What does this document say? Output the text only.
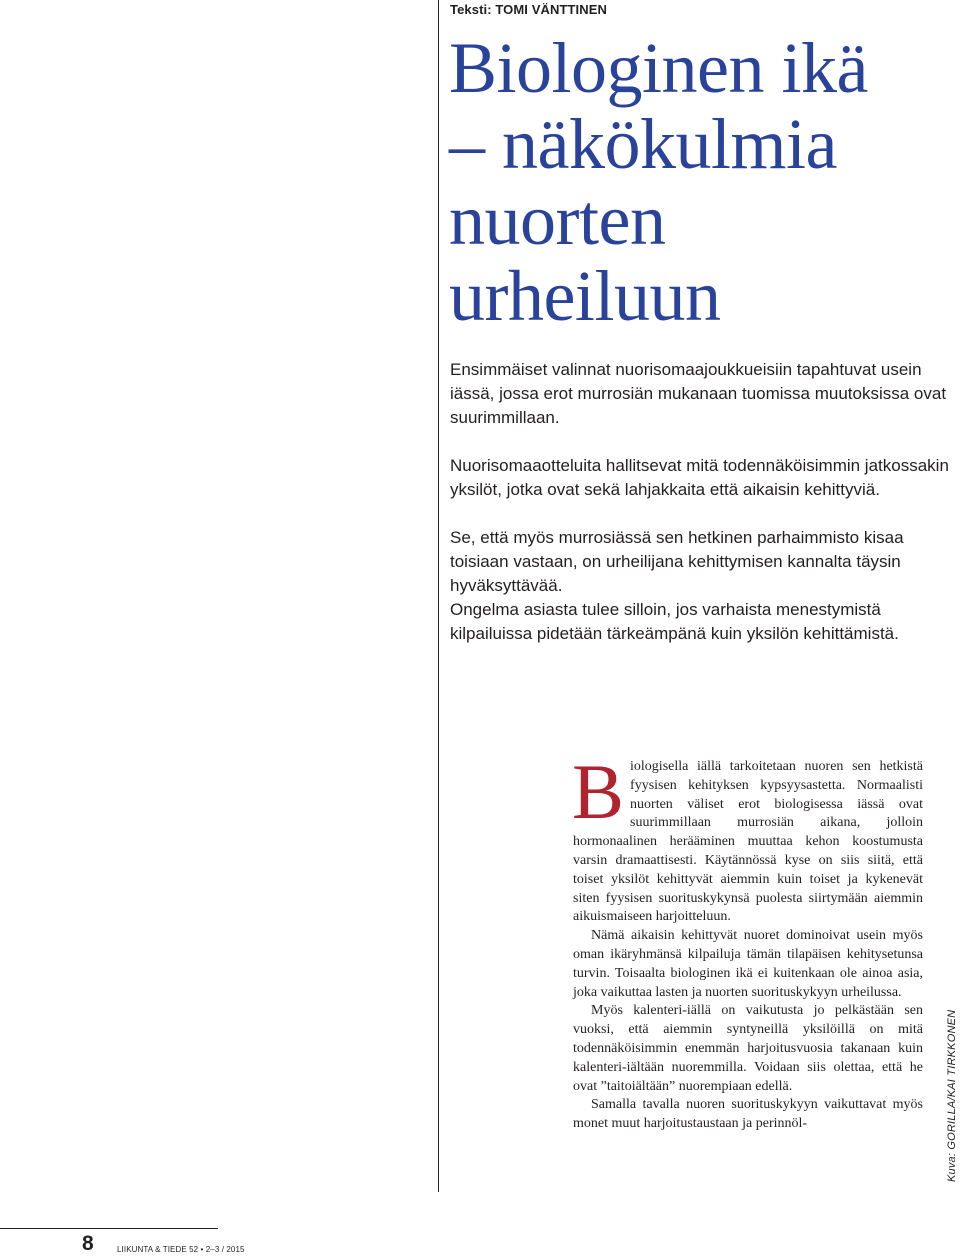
Teksti: TOMI VÄNTTINEN
Biologinen ikä
– näkökulmia
nuorten
urheiluun

Ensimmäiset valinnat nuorisomaajoukkueisiin tapahtuvat usein iässä, jossa erot murrosiän mukanaan tuomissa muutoksissa ovat suurimmillaan.

Nuorisomaaotteluita hallitsevat mitä todennäköisimmin jatkossakin yksilöt, jotka ovat sekä lahjakkaita että aikaisin kehittyviä.

Se, että myös murrosiässä sen hetkinen parhaimmisto kisaa toisiaan vastaan, on urheilijana kehittymisen kannalta täysin hyväksyttävää.

Ongelma asiasta tulee silloin, jos varhaista menestymistä kilpailuissa pidetään tärkeämpänä kuin yksilön kehittämistä.

Biologisella iällä tarkoitetaan nuoren sen hetkistä fyysisen kehityksen kypsyysastetta. Normaalisti nuorten väliset erot biologisessa iässä ovat suurimmillaan murrosiän aikana, jolloin hormonaalinen herääminen muuttaa kehon koostumusta varsin dramaattisesti. Käytännössä kyse on siis siitä, että toiset yksilöt kehittyvät aiemmin kuin toiset ja kykenevät siten fyysisen suorituskykynsä puolesta siirtymään aiemmin aikuismaiseen harjoitteluun.

Nämä aikaisin kehittyvät nuoret dominoivat usein myös oman ikäryhmänsä kilpailuja tämän tilapäisen kehitysetunsa turvin. Toisaalta biologinen ikä ei kuitenkaan ole ainoa asia, joka vaikuttaa lasten ja nuorten suorituskykyyn urheilussa.

Myös kalenteri-iällä on vaikutusta jo pelkästään sen vuoksi, että aiemmin syntyneillä yksilöillä on mitä todennäköisimmin enemmän harjoitusvuosia takanaan kuin kalenteri-iältään nuoremmilla. Voidaan siis olettaa, että he ovat ”taitoiältään” nuorempiaan edellä.

Samalla tavalla nuoren suorituskykyyn vaikuttavat myös monet muut harjoitustaustaan ja perinnöl-	Kuva: GORILLA/KAI TIRKKONEN
8	LIIKUNTA & TIEDE 52 • 2–3 / 2015
